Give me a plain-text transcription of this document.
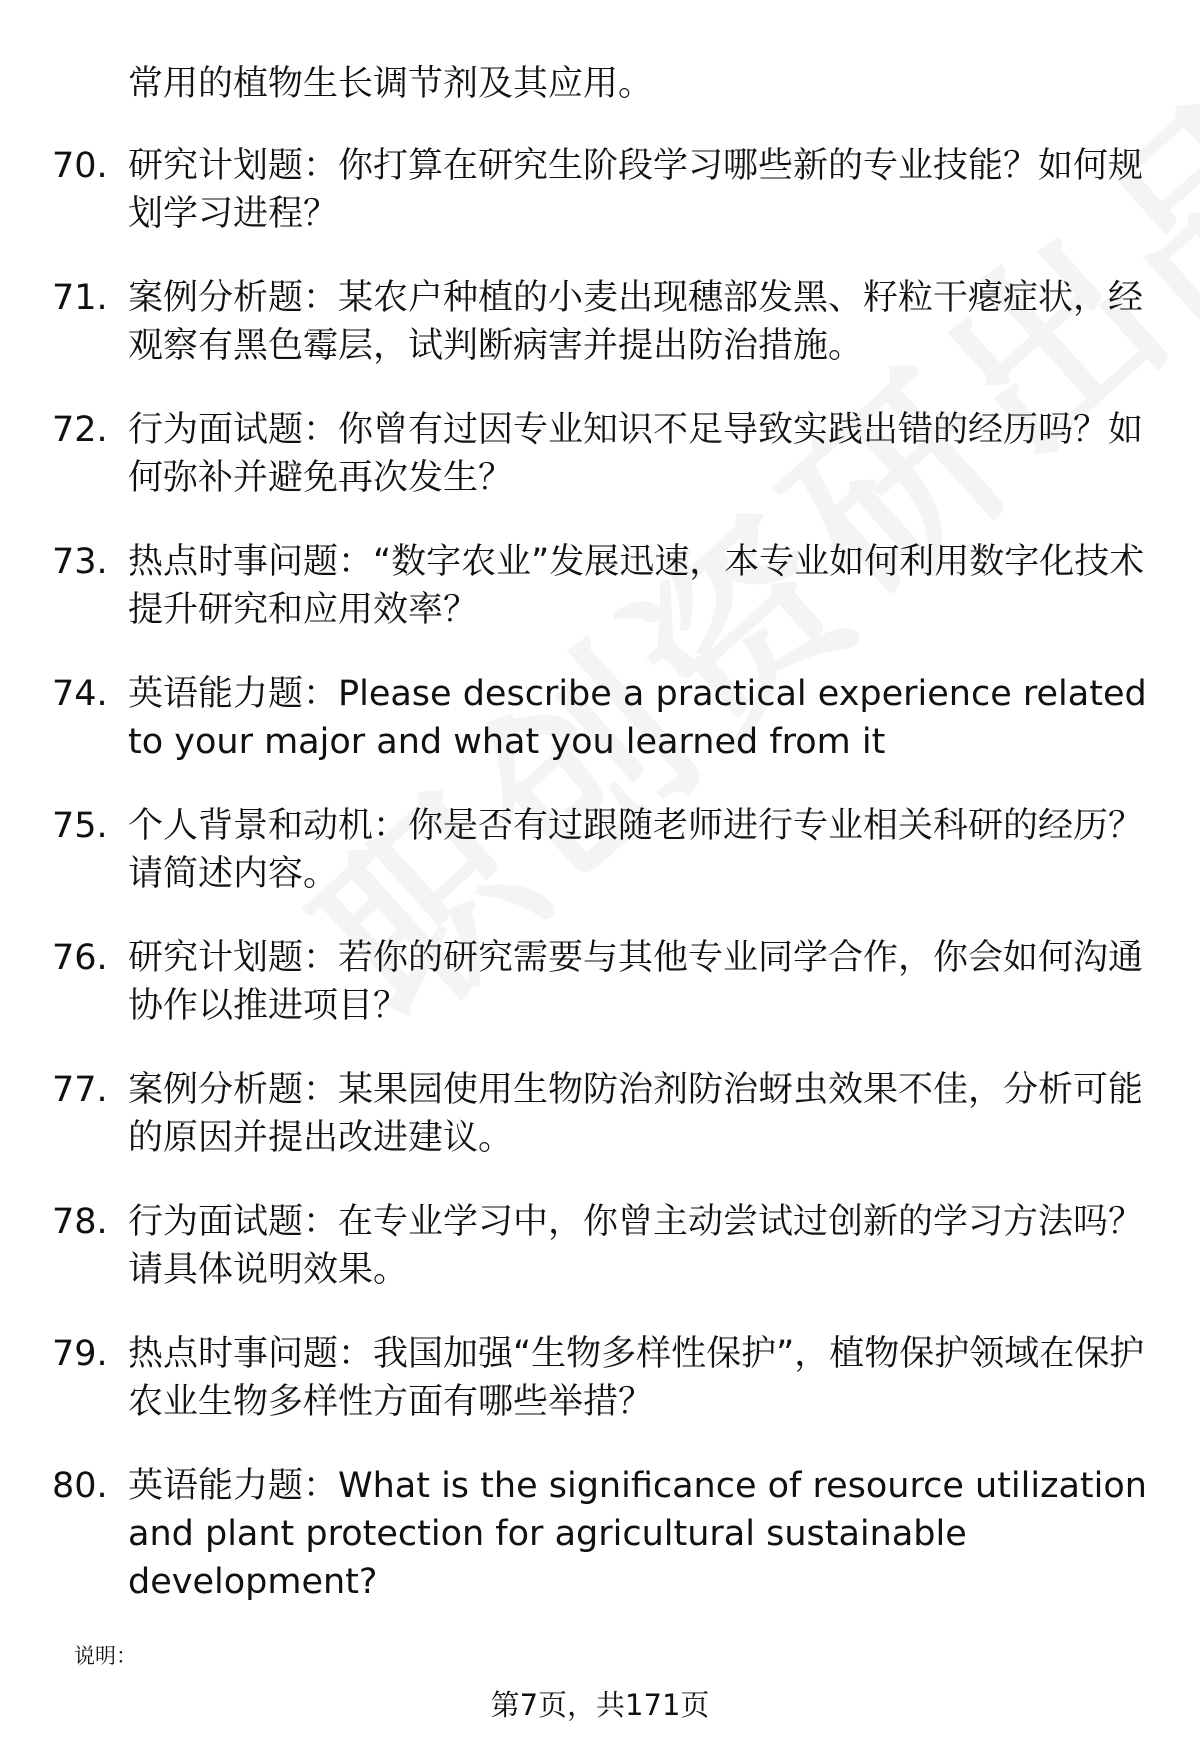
常用的植物生长调节剂及其应用。
70. 研究计划题：你打算在研究生阶段学习哪些新的专业技能？如何规划学习进程？
71. 案例分析题：某农户种植的小麦出现穗部发黑、籽粒干瘪症状，经观察有黑色霉层，试判断病害并提出防治措施。
72. 行为面试题：你曾有过因专业知识不足导致实践出错的经历吗？如何弥补并避免再次发生？
73. 热点时事问题：“数字农业”发展迅速，本专业如何利用数字化技术提升研究和应用效率？
74. 英语能力题：Please describe a practical experience related to your major and what you learned from it
75. 个人背景和动机：你是否有过跟随老师进行专业相关科研的经历？请简述内容。
76. 研究计划题：若你的研究需要与其他专业同学合作，你会如何沟通协作以推进项目？
77. 案例分析题：某果园使用生物防治剂防治蚜虫效果不佳，分析可能的原因并提出改进建议。
78. 行为面试题：在专业学习中，你曾主动尝试过创新的学习方法吗？请具体说明效果。
79. 热点时事问题：我国加强“生物多样性保护”，植物保护领域在保护农业生物多样性方面有哪些举措？
80. 英语能力题：What is the significance of resource utilization and plant protection for agricultural sustainable development?
说明：
第7页，共171页
